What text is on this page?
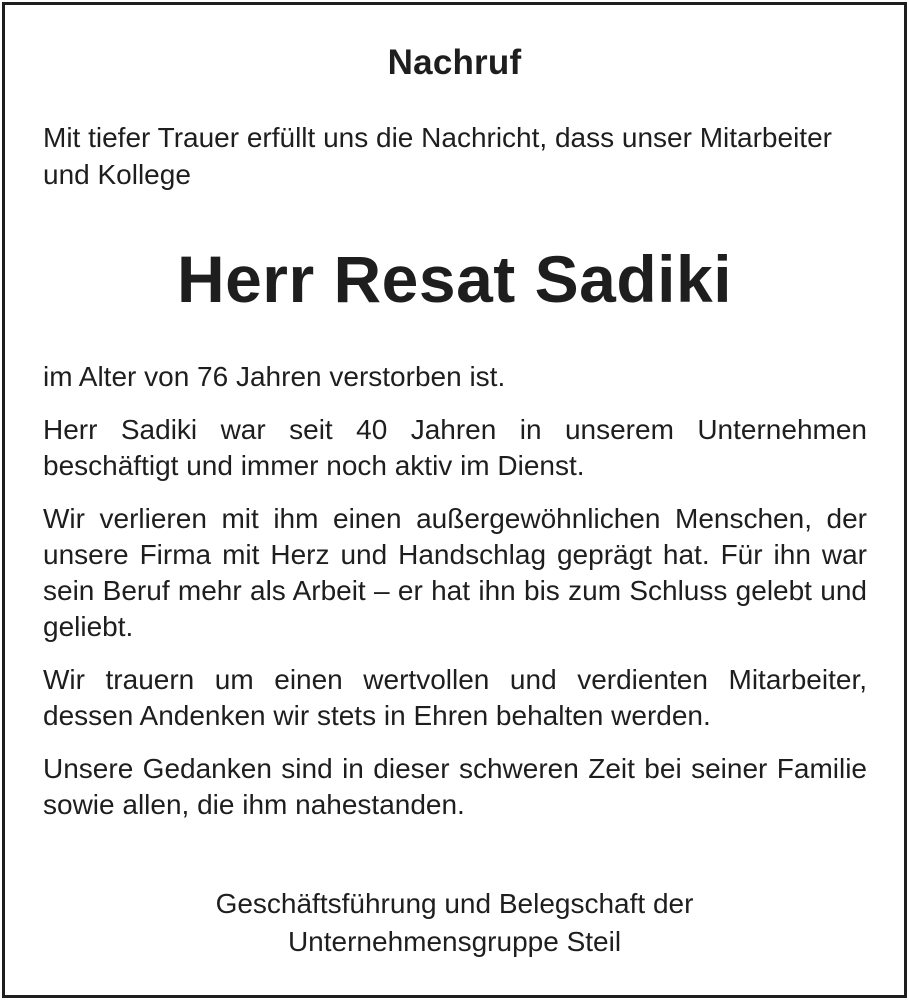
Nachruf
Mit tiefer Trauer erfüllt uns die Nachricht, dass unser Mitarbeiter und Kollege
Herr Resat Sadiki

im Alter von 76 Jahren verstorben ist.

Herr Sadiki war seit 40 Jahren in unserem Unternehmen beschäftigt und immer noch aktiv im Dienst.

Wir verlieren mit ihm einen außergewöhnlichen Menschen, der unsere Firma mit Herz und Handschlag geprägt hat. Für ihn war sein Beruf mehr als Arbeit – er hat ihn bis zum Schluss gelebt und geliebt.

Wir trauern um einen wertvollen und verdienten Mitarbeiter, dessen Andenken wir stets in Ehren behalten werden.

Unsere Gedanken sind in dieser schweren Zeit bei seiner Familie sowie allen, die ihm nahestanden.

Geschäftsführung und Belegschaft der
Unternehmensgruppe Steil
